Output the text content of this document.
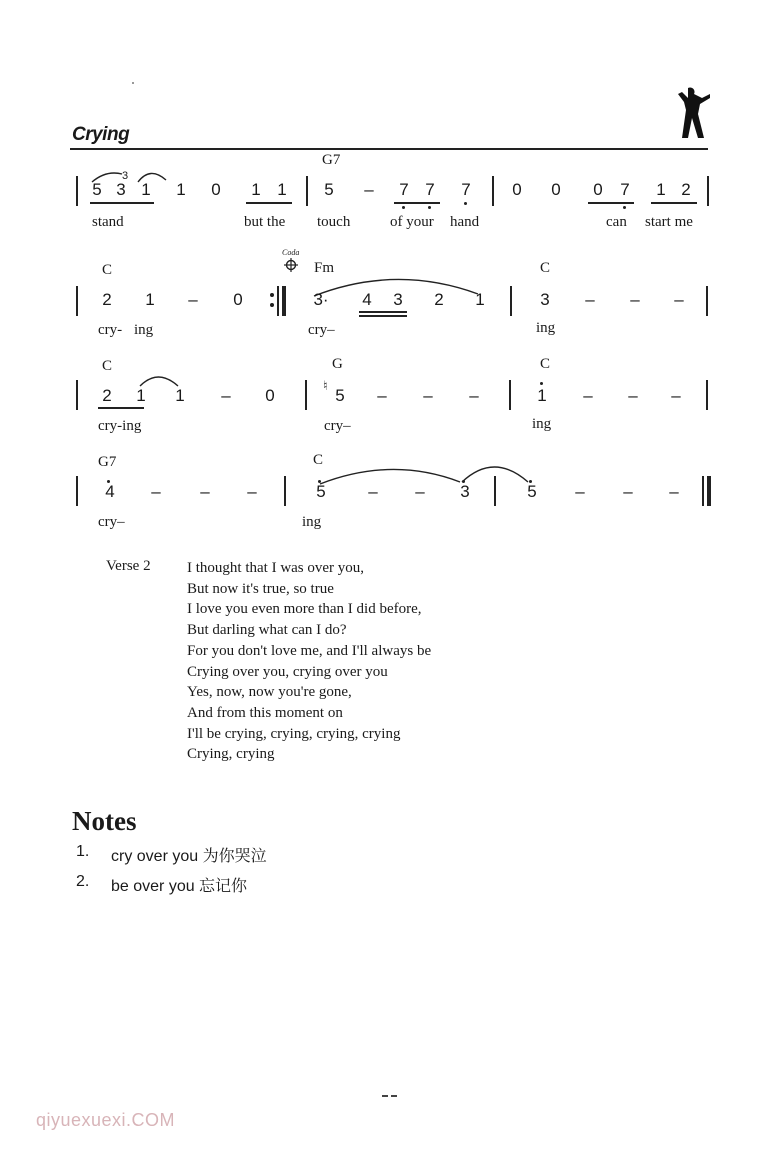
Crying
G7
3
5 3 1 1 0 1 1 5 – 7 7 7 0 0 0 7 1 2
stand	but the touch	of your hand	can start me
C	Fm	C
Coda
2 1 – 0	3·	4 3 2 1	3 – – –
cry- ing	cry–	ing
C	G	C
2 1 1 – 0
♮
5 – – –	1 – – –
cry-ing	cry–	ing
G7	C
4 – – –	5	– – 3	5 – – –
cry–	ing
Verse 2 I thought that I was over you,
But now it's true, so true
I love you even more than I did before,
But darling what can I do?
For you don't love me, and I'll always be
Crying over you, crying over you
Yes, now, now you're gone,
And from this moment on
I'll be crying, crying, crying, crying
Crying, crying
Notes
1. cry over you 为你哭泣
2. be over you 忘记你
qiyuexuexi.COM
